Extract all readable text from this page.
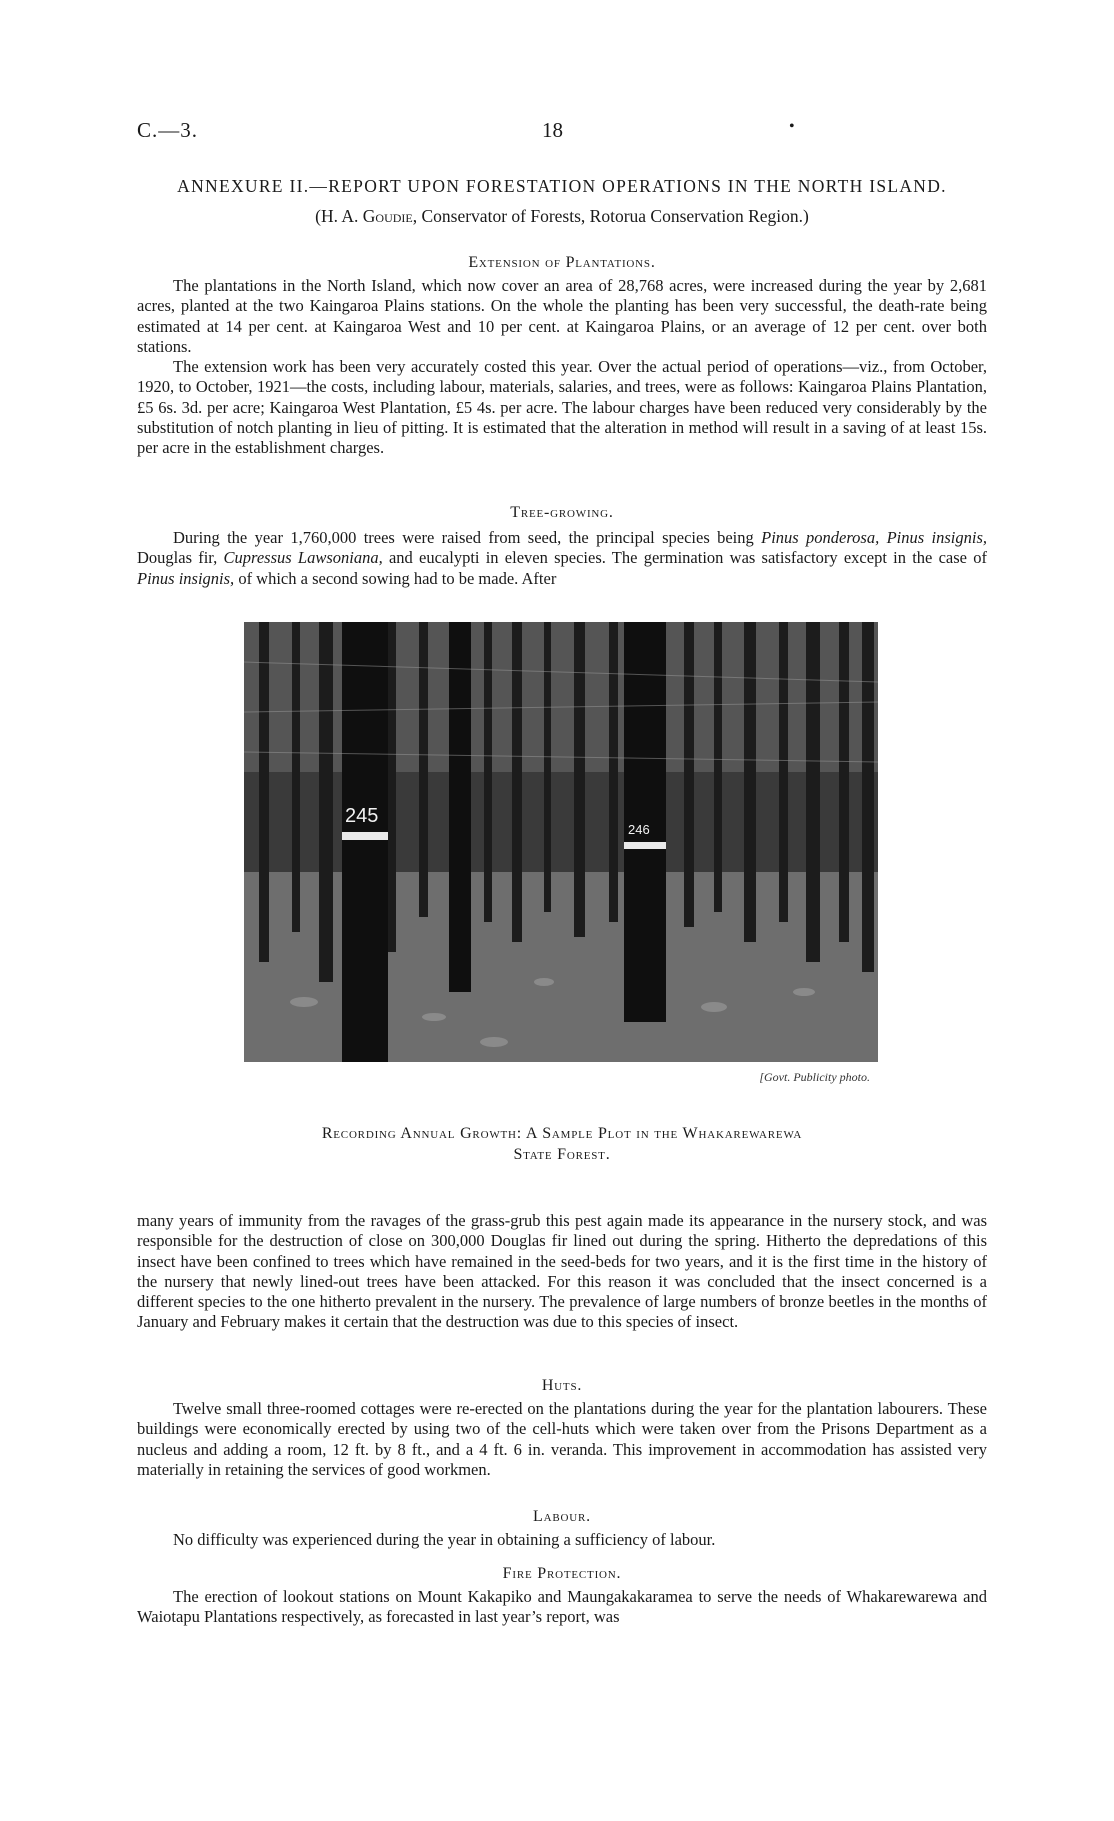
C.—3.	18	•
ANNEXURE II.—REPORT UPON FORESTATION OPERATIONS IN THE NORTH ISLAND.
(H. A. Goudie, Conservator of Forests, Rotorua Conservation Region.)
Extension of Plantations.

The plantations in the North Island, which now cover an area of 28,768 acres, were increased during the year by 2,681 acres, planted at the two Kaingaroa Plains stations. On the whole the planting has been very successful, the death-rate being estimated at 14 per cent. at Kaingaroa West and 10 per cent. at Kaingaroa Plains, or an average of 12 per cent. over both stations.

The extension work has been very accurately costed this year. Over the actual period of operations—viz., from October, 1920, to October, 1921—the costs, including labour, materials, salaries, and trees, were as follows: Kaingaroa Plains Plantation, £5 6s. 3d. per acre; Kaingaroa West Plantation, £5 4s. per acre. The labour charges have been reduced very considerably by the substitution of notch planting in lieu of pitting. It is estimated that the alteration in method will result in a saving of at least 15s. per acre in the establishment charges.

Tree-growing.

During the year 1,760,000 trees were raised from seed, the principal species being Pinus ponderosa, Pinus insignis, Douglas fir, Cupressus Lawsoniana, and eucalypti in eleven species. The germination was satisfactory except in the case of Pinus insignis, of which a second sowing had to be made. After

245
246
[Govt. Publicity photo.
Recording Annual Growth: A Sample Plot in the Whakarewarewa
State Forest.

many years of immunity from the ravages of the grass-grub this pest again made its appearance in the nursery stock, and was responsible for the destruction of close on 300,000 Douglas fir lined out during the spring. Hitherto the depredations of this insect have been confined to trees which have remained in the seed-beds for two years, and it is the first time in the history of the nursery that newly lined-out trees have been attacked. For this reason it was concluded that the insect concerned is a different species to the one hitherto prevalent in the nursery. The prevalence of large numbers of bronze beetles in the months of January and February makes it certain that the destruction was due to this species of insect.

Huts.

Twelve small three-roomed cottages were re-erected on the plantations during the year for the plantation labourers. These buildings were economically erected by using two of the cell-huts which were taken over from the Prisons Department as a nucleus and adding a room, 12 ft. by 8 ft., and a 4 ft. 6 in. veranda. This improvement in accommodation has assisted very materially in retaining the services of good workmen.

Labour.

No difficulty was experienced during the year in obtaining a sufficiency of labour.

Fire Protection.

The erection of lookout stations on Mount Kakapiko and Maungakakaramea to serve the needs of Whakarewarewa and Waiotapu Plantations respectively, as forecasted in last year’s report, was
